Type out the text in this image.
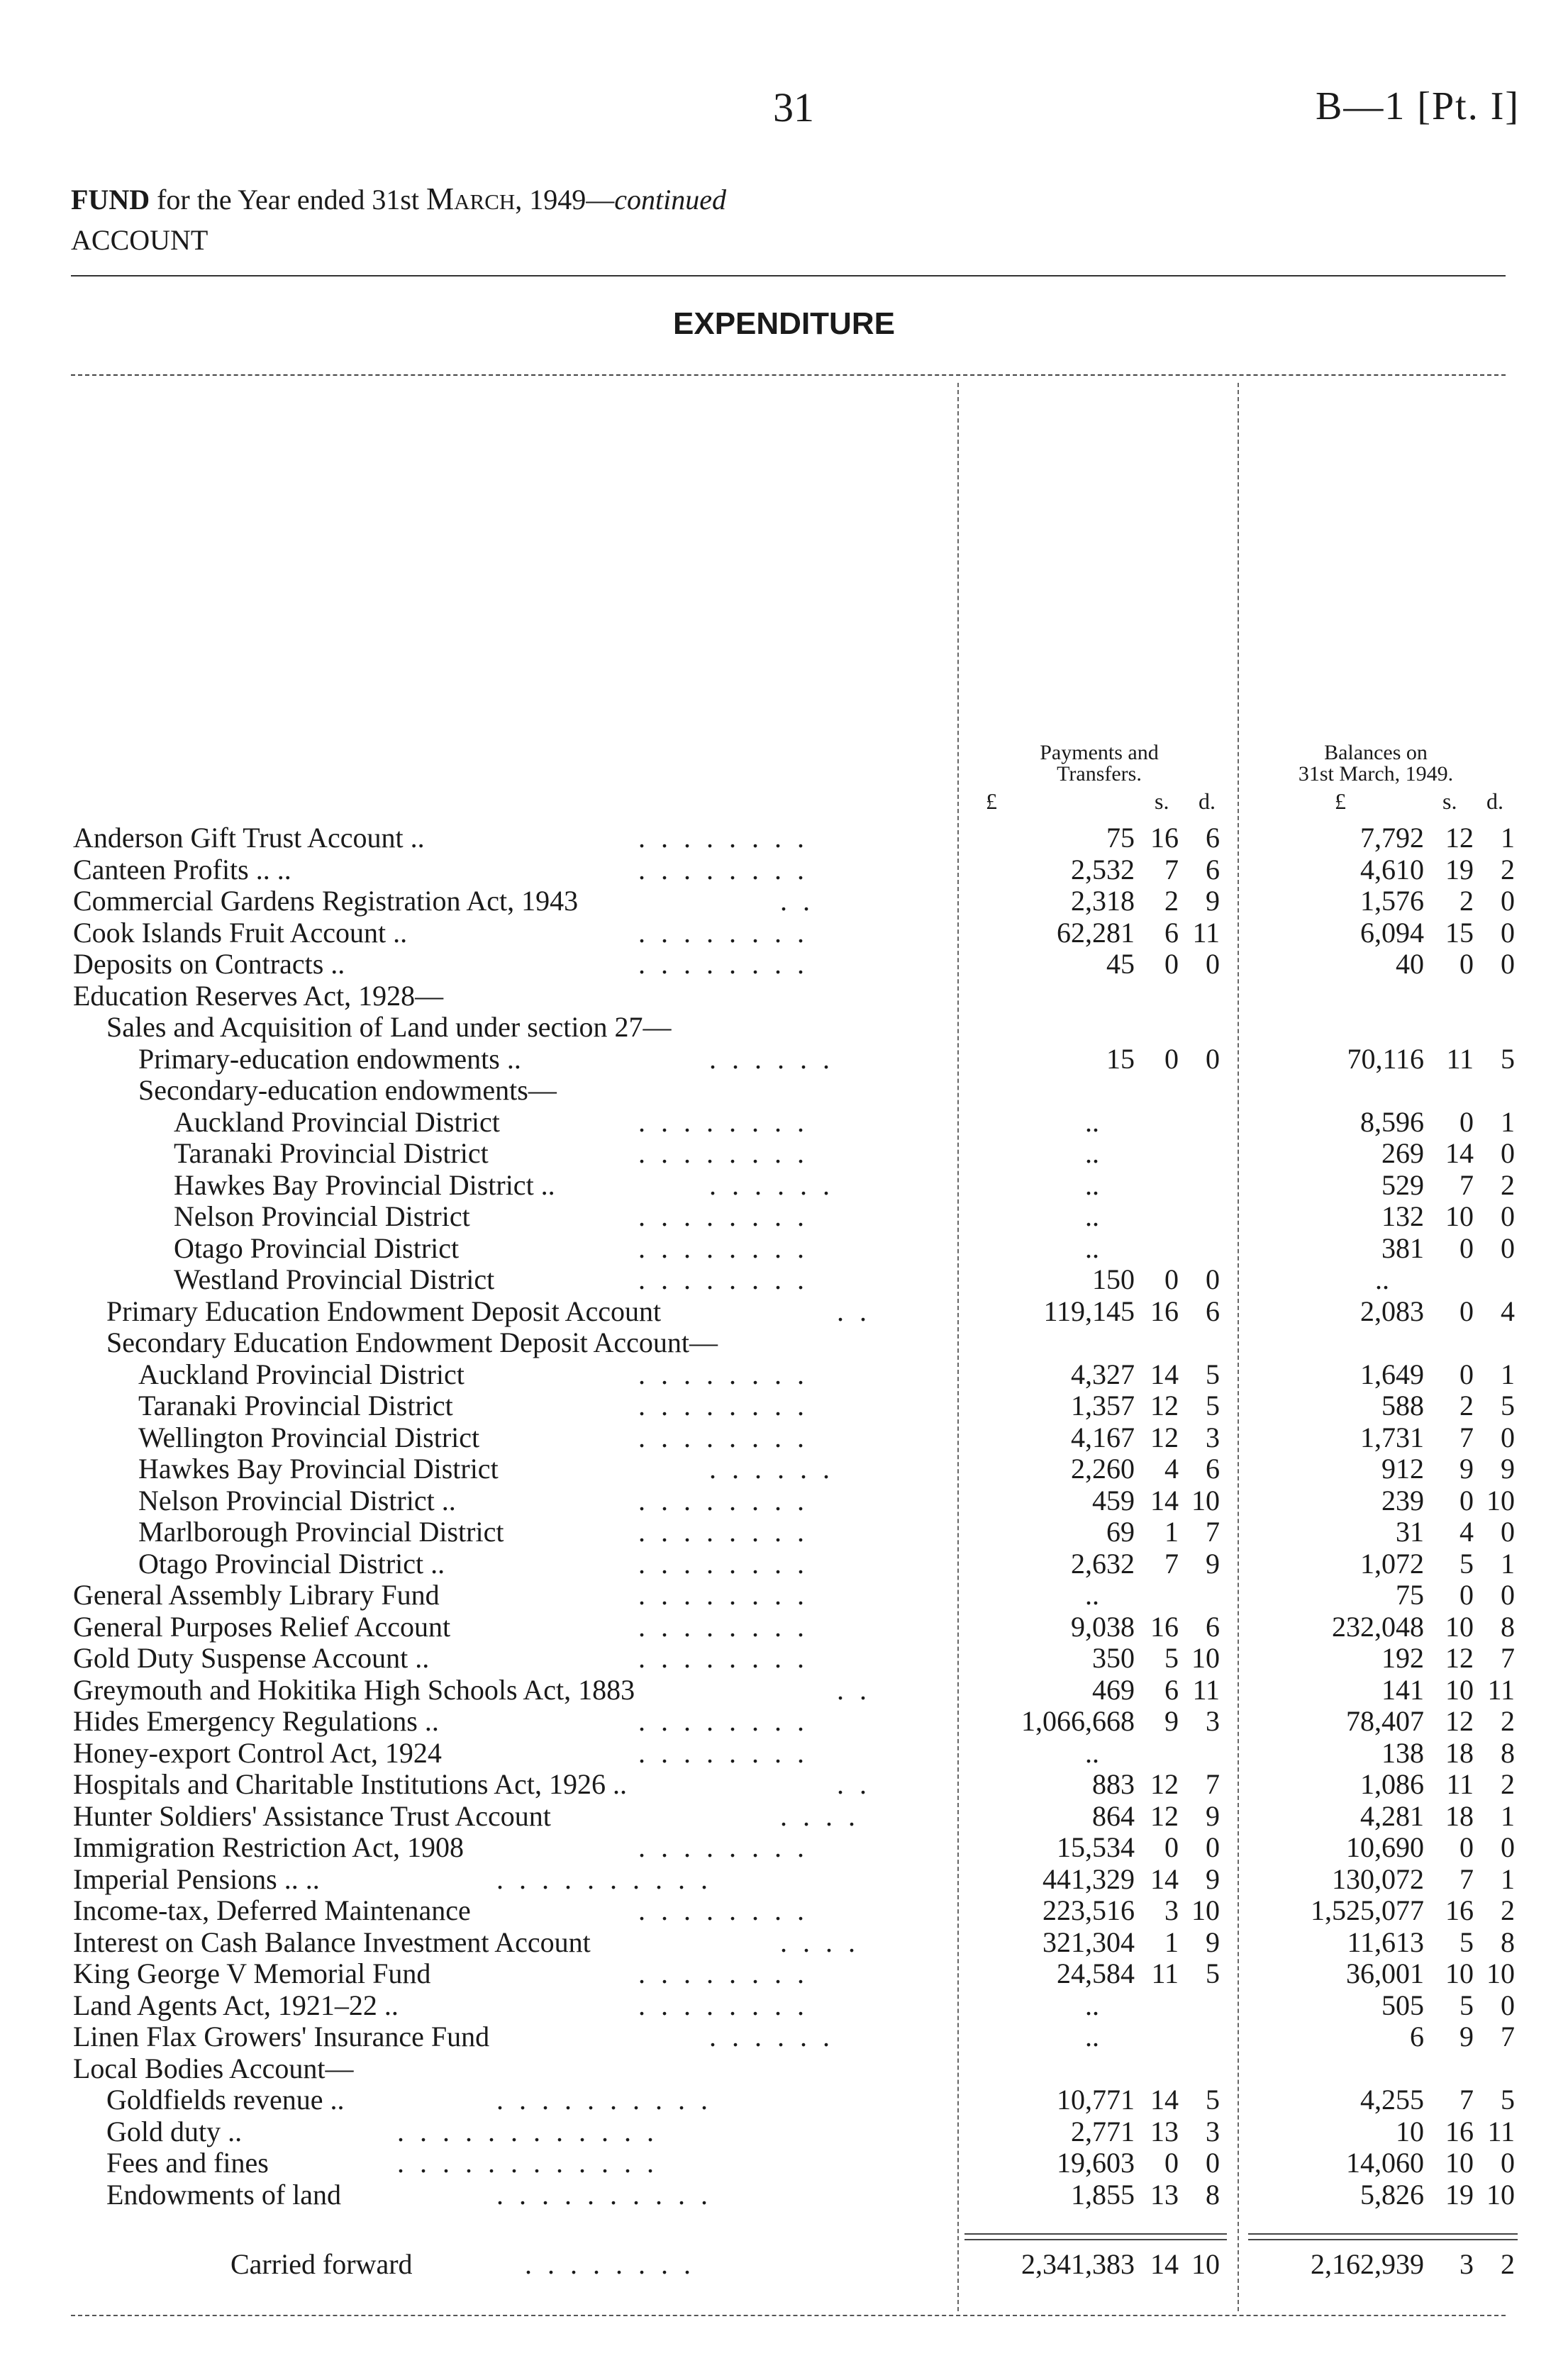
31	B—1 [Pt. I]
FUND for the Year ended 31st March, 1949—continued
ACCOUNT
EXPENDITURE
Payments and
Transfers.
Balances on
31st March, 1949.
£	s. d.	£	s. d.
Anderson Gift Trust Account ..	. . . . . . . .	75 16 6	7,792 12 1
Canteen Profits .. ..	. . . . . . . .	2,532	7 6	4,610 19 2
Commercial Gardens Registration Act, 1943	. .	2,318	2 9	1,576	2 0
Cook Islands Fruit Account ..	. . . . . . . .	62,281	6 11	6,094 15 0
Deposits on Contracts ..	. . . . . . . .	45	0 0	40	0 0
Education Reserves Act, 1928—
Sales and Acquisition of Land under section 27—
Primary-education endowments ..	. . . . . .	15	0 0	70,116 11 5
Secondary-education endowments—
Auckland Provincial District	. . . . . . . .	..	8,596	0 1
Taranaki Provincial District	. . . . . . . .	..	269 14 0
Hawkes Bay Provincial District ..	. . . . . .	..	529	7 2
Nelson Provincial District	. . . . . . . .	..	132 10 0
Otago Provincial District	. . . . . . . .	..	381	0 0
Westland Provincial District	. . . . . . . .	150	0 0	..
Primary Education Endowment Deposit Account	. .	119,145 16 6	2,083	0 4
Secondary Education Endowment Deposit Account—
Auckland Provincial District	. . . . . . . .	4,327 14 5	1,649	0 1
Taranaki Provincial District	. . . . . . . .	1,357 12 5	588	2 5
Wellington Provincial District	. . . . . . . .	4,167 12 3	1,731	7 0
Hawkes Bay Provincial District	. . . . . .	2,260	4 6	912	9 9
Nelson Provincial District ..	. . . . . . . .	459 14 10	239	0 10
Marlborough Provincial District	. . . . . . . .	69	1 7	31	4 0
Otago Provincial District ..	. . . . . . . .	2,632	7 9	1,072	5 1
General Assembly Library Fund	. . . . . . . .	..	75	0 0
General Purposes Relief Account	. . . . . . . .	9,038 16 6	232,048 10 8
Gold Duty Suspense Account ..	. . . . . . . .	350	5 10	192 12 7
Greymouth and Hokitika High Schools Act, 1883	. .	469	6 11	141 10 11
Hides Emergency Regulations ..	. . . . . . . .	1,066,668	9 3	78,407 12 2
Honey-export Control Act, 1924	. . . . . . . .	..	138 18 8
Hospitals and Charitable Institutions Act, 1926 ..	. .	883 12 7	1,086 11 2
Hunter Soldiers' Assistance Trust Account	. . . .	864 12 9	4,281 18 1
Immigration Restriction Act, 1908	. . . . . . . .	15,534	0 0	10,690	0 0
Imperial Pensions .. ..	. . . . . . . . . .	441,329 14 9	130,072	7 1
Income-tax, Deferred Maintenance	. . . . . . . .	223,516	3 10	1,525,077 16 2
Interest on Cash Balance Investment Account	. . . .	321,304	1 9	11,613	5 8
King George V Memorial Fund	. . . . . . . .	24,584 11 5	36,001 10 10
Land Agents Act, 1921–22 ..	. . . . . . . .	..	505	5 0
Linen Flax Growers' Insurance Fund	. . . . . .	..	6	9 7
Local Bodies Account—
Goldfields revenue ..	. . . . . . . . . .	10,771 14 5	4,255	7 5
Gold duty ..	. . . . . . . . . . . .	2,771 13 3	10 16 11
Fees and fines	. . . . . . . . . . . .	19,603	0 0	14,060 10 0
Endowments of land	. . . . . . . . . .	1,855 13 8	5,826 19 10
Carried forward	. . . . . . . .	2,341,383 14 10	2,162,939	3 2
